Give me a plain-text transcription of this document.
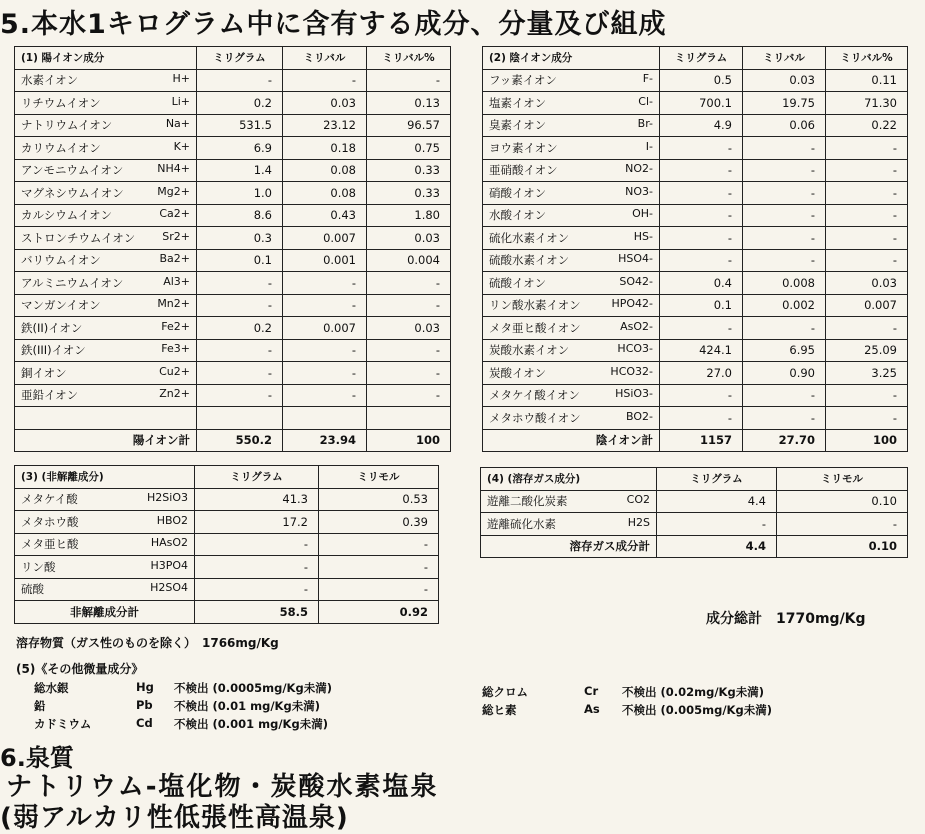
5.本水1キログラム中に含有する成分、分量及び組成
(1) 陽イオン成分	ミリグラム	ミリバル	ミリバル%

水素イオン H+	-	-	-

リチウムイオン Li+	0.2	0.03	0.13

ナトリウムイオン Na+	531.5	23.12	96.57

カリウムイオン K+	6.9	0.18	0.75

アンモニウムイオン NH4+	1.4	0.08	0.33

マグネシウムイオン Mg2+	1.0	0.08	0.33

カルシウムイオン Ca2+	8.6	0.43	1.80

ストロンチウムイオン Sr2+	0.3	0.007	0.03

バリウムイオン Ba2+	0.1	0.001	0.004

アルミニウムイオン Al3+	-	-	-

マンガンイオン Mn2+	-	-	-

鉄(II)イオン Fe2+	0.2	0.007	0.03

鉄(III)イオン Fe3+	-	-	-

銅イオン Cu2+	-	-	-

亜鉛イオン Zn2+	-	-	-

陽イオン計	550.2	23.94	100
(2) 陰イオン成分	ミリグラム	ミリバル	ミリバル%

フッ素イオン F-	0.5	0.03	0.11

塩素イオン Cl-	700.1	19.75	71.30

臭素イオン Br-	4.9	0.06	0.22

ヨウ素イオン I-	-	-	-

亜硝酸イオン NO2-	-	-	-

硝酸イオン NO3-	-	-	-

水酸イオン OH-	-	-	-

硫化水素イオン HS-	-	-	-

硫酸水素イオン HSO4-	-	-	-

硫酸イオン SO42-	0.4	0.008	0.03

リン酸水素イオン HPO42-	0.1	0.002	0.007

メタ亜ヒ酸イオン AsO2-	-	-	-

炭酸水素イオン HCO3-	424.1	6.95	25.09

炭酸イオン HCO32-	27.0	0.90	3.25

メタケイ酸イオン HSiO3-	-	-	-

メタホウ酸イオン BO2-	-	-	-
陰イオン計	1157	27.70	100
(3) (非解離成分)	ミリグラム	ミリモル

メタケイ酸 H2SiO3	41.3	0.53

メタホウ酸 HBO2	17.2	0.39

メタ亜ヒ酸 HAsO2	-	-

リン酸 H3PO4	-	-

硫酸 H2SO4	-	-
非解離成分計	58.5	0.92
(4) (溶存ガス成分)	ミリグラム	ミリモル

遊離二酸化炭素 CO2	4.4	0.10

遊離硫化水素 H2S	-	-
溶存ガス成分計	4.4	0.10
成分総計　1770mg/Kg
溶存物質（ガス性のものを除く）　1766mg/Kg
(5)《その他微量成分》
総水銀	Hg 不検出 (0.0005mg/Kg未満)
鉛	Pb 不検出 (0.01 mg/Kg未満)
カドミウム	Cd 不検出 (0.001 mg/Kg未満)
総クロム	Cr 不検出 (0.02mg/Kg未満)
総ヒ素	As 不検出 (0.005mg/Kg未満)
6.泉質
ナトリウム-塩化物・炭酸水素塩泉
(弱アルカリ性低張性高温泉)
